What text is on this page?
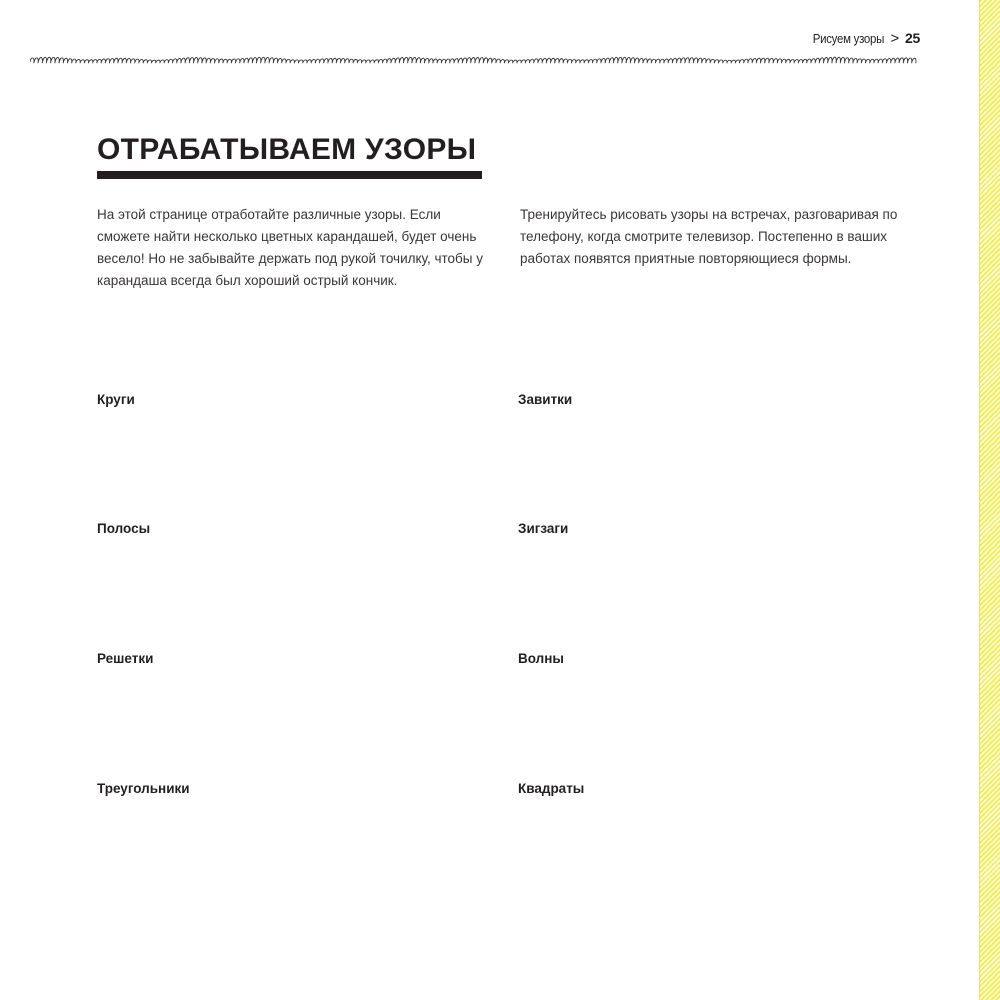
Рисуем узоры > 25
ОТРАБАТЫВАЕМ УЗОРЫ

На этой странице отработайте различные узоры. Если сможете найти несколько цветных карандашей, будет очень весело! Но не забывайте держать под рукой точилку, чтобы у карандаша всегда был хороший острый кончик.

Тренируйтесь рисовать узоры на встречах, разговаривая по телефону, когда смотрите телевизор. Постепенно в ваших работах появятся приятные повторяющиеся формы.

Круги	Завитки

Полосы	Зигзаги

Решетки	Волны

Треугольники	Квадраты
